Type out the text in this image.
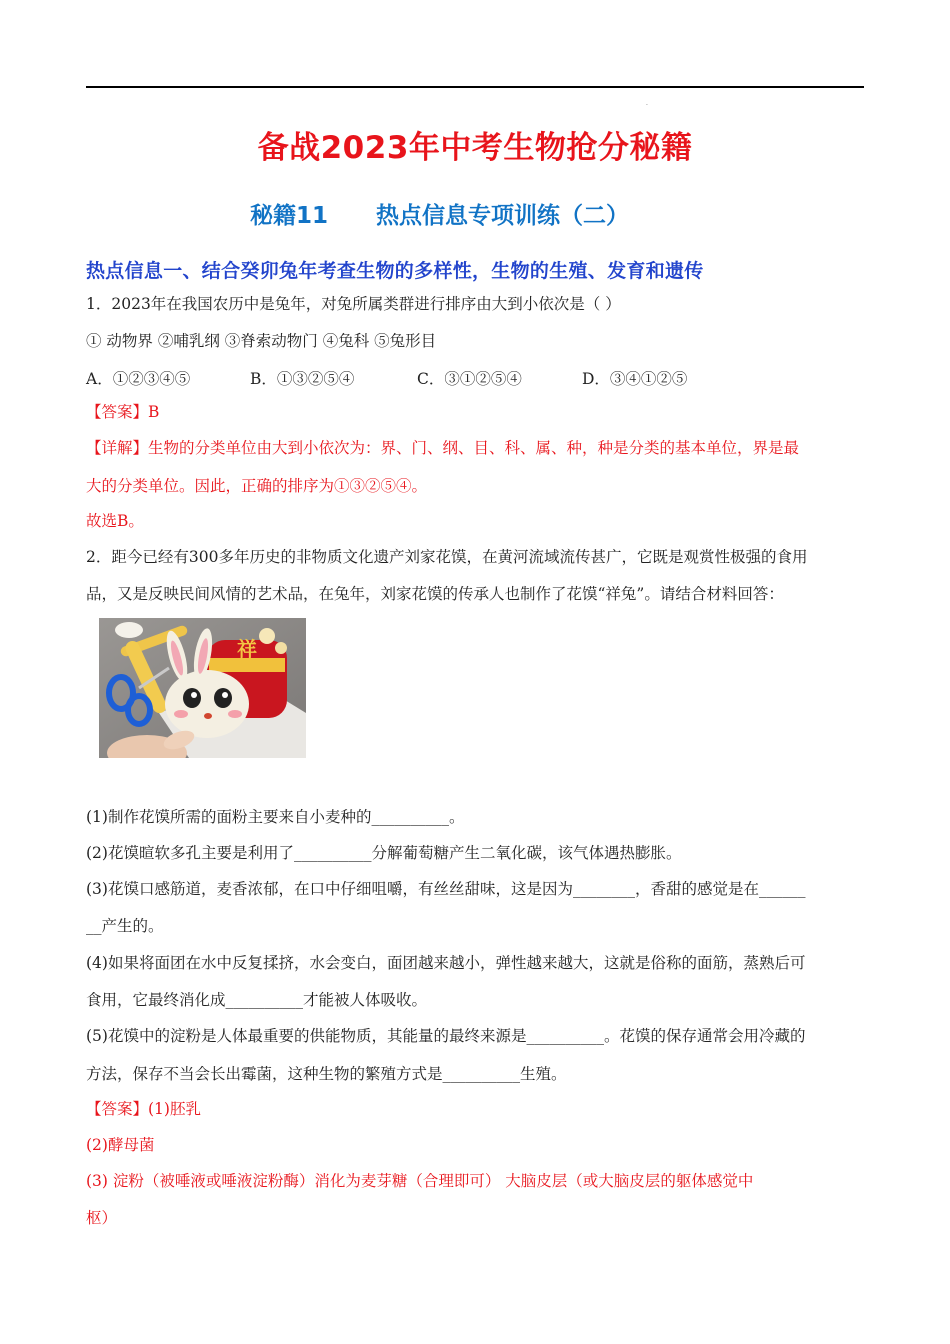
.
备战2023年中考生物抢分秘籍
秘籍11      热点信息专项训练（二）
热点信息一、结合癸卯兔年考查生物的多样性，生物的生殖、发育和遗传
1．2023年在我国农历中是兔年，对兔所属类群进行排序由大到小依次是（ ）
① 动物界 ②哺乳纲 ③脊索动物门 ④兔科 ⑤兔形目
A．①②③④⑤	B．①③②⑤④	C．③①②⑤④	D．③④①②⑤
【答案】B
【详解】生物的分类单位由大到小依次为：界、门、纲、目、科、属、种，种是分类的基本单位，界是最
大的分类单位。因此，正确的排序为①③②⑤④。
故选B。
2．距今已经有300多年历史的非物质文化遗产刘家花馍，在黄河流域流传甚广，它既是观赏性极强的食用
品，又是反映民间风情的艺术品，在兔年，刘家花馍的传承人也制作了花馍“祥兔”。请结合材料回答：
祥
(1)制作花馍所需的面粉主要来自小麦种的__________。
(2)花馍暄软多孔主要是利用了__________分解葡萄糖产生二氧化碳，该气体遇热膨胀。
(3)花馍口感筋道，麦香浓郁，在口中仔细咀嚼，有丝丝甜味，这是因为________，香甜的感觉是在______
__产生的。
(4)如果将面团在水中反复揉挤，水会变白，面团越来越小，弹性越来越大，这就是俗称的面筋，蒸熟后可
食用，它最终消化成__________才能被人体吸收。
(5)花馍中的淀粉是人体最重要的供能物质，其能量的最终来源是__________。花馍的保存通常会用冷藏的
方法，保存不当会长出霉菌，这种生物的繁殖方式是__________生殖。
【答案】(1)胚乳
(2)酵母菌
(3) 淀粉（被唾液或唾液淀粉酶）消化为麦芽糖（合理即可） 大脑皮层（或大脑皮层的躯体感觉中
枢）
